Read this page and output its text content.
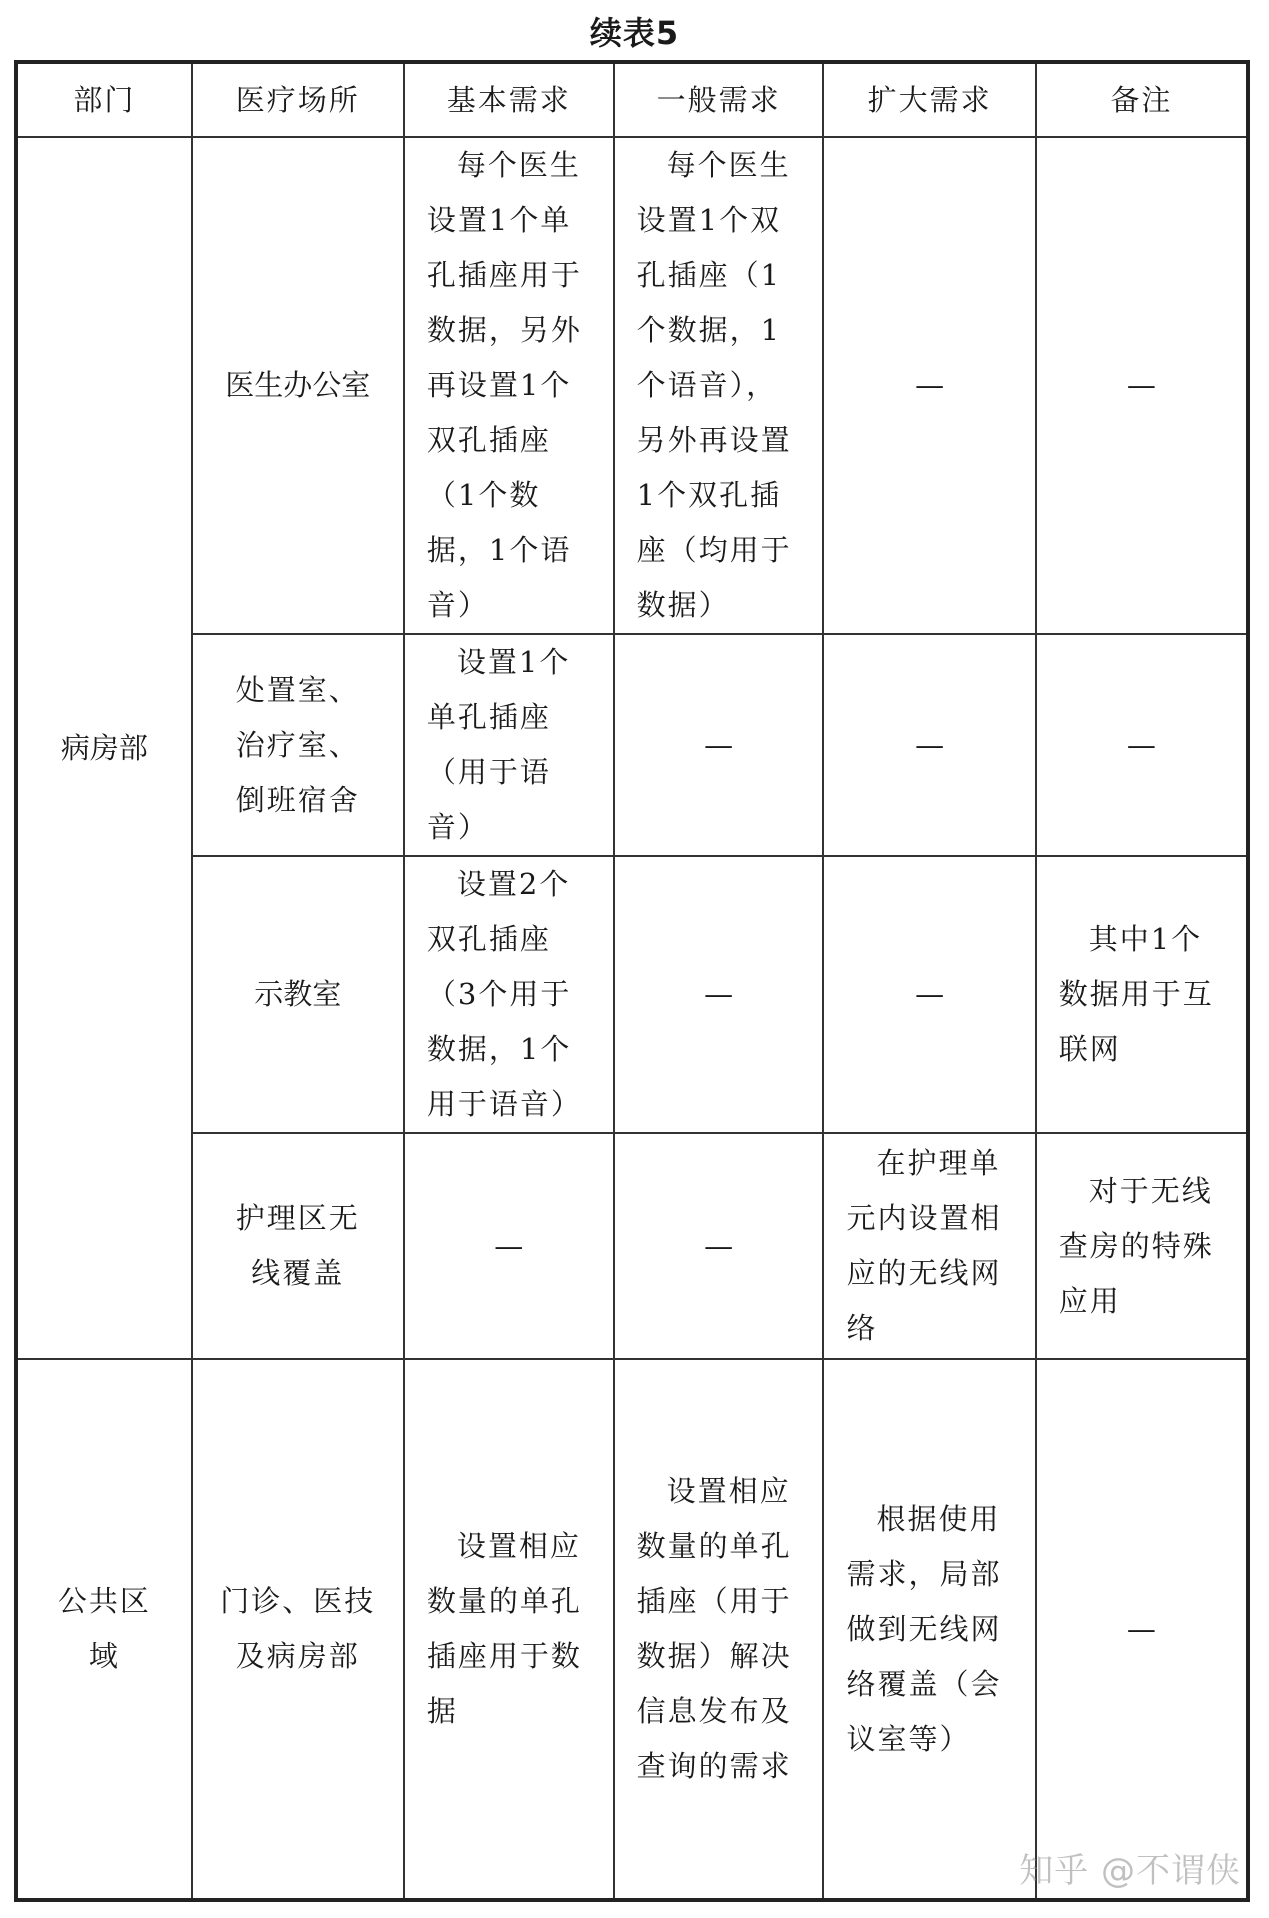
续表5
部门	医疗场所	基本需求	一般需求	扩大需求	备注
病房部	医生办公室	每个医生设置1个单孔插座用于数据，另外再设置1个双孔插座（1个数据，1个语音）	每个医生设置1个双孔插座（1个数据，1个语音），另外再设置1个双孔插座（均用于数据）	—	—
	处置室、治疗室、倒班宿舍	设置1个单孔插座（用于语音）	—	—	—
	示教室	设置2个双孔插座（3个用于数据，1个用于语音）	—	—	其中1个数据用于互联网
	护理区无线覆盖	—	—	在护理单元内设置相应的无线网络	对于无线查房的特殊应用
公共区域	门诊、医技及病房部	设置相应数量的单孔插座用于数据	设置相应数量的单孔插座（用于数据）解决信息发布及查询的需求	根据使用需求，局部做到无线网络覆盖（会议室等）	—
知乎 @不谓侠
